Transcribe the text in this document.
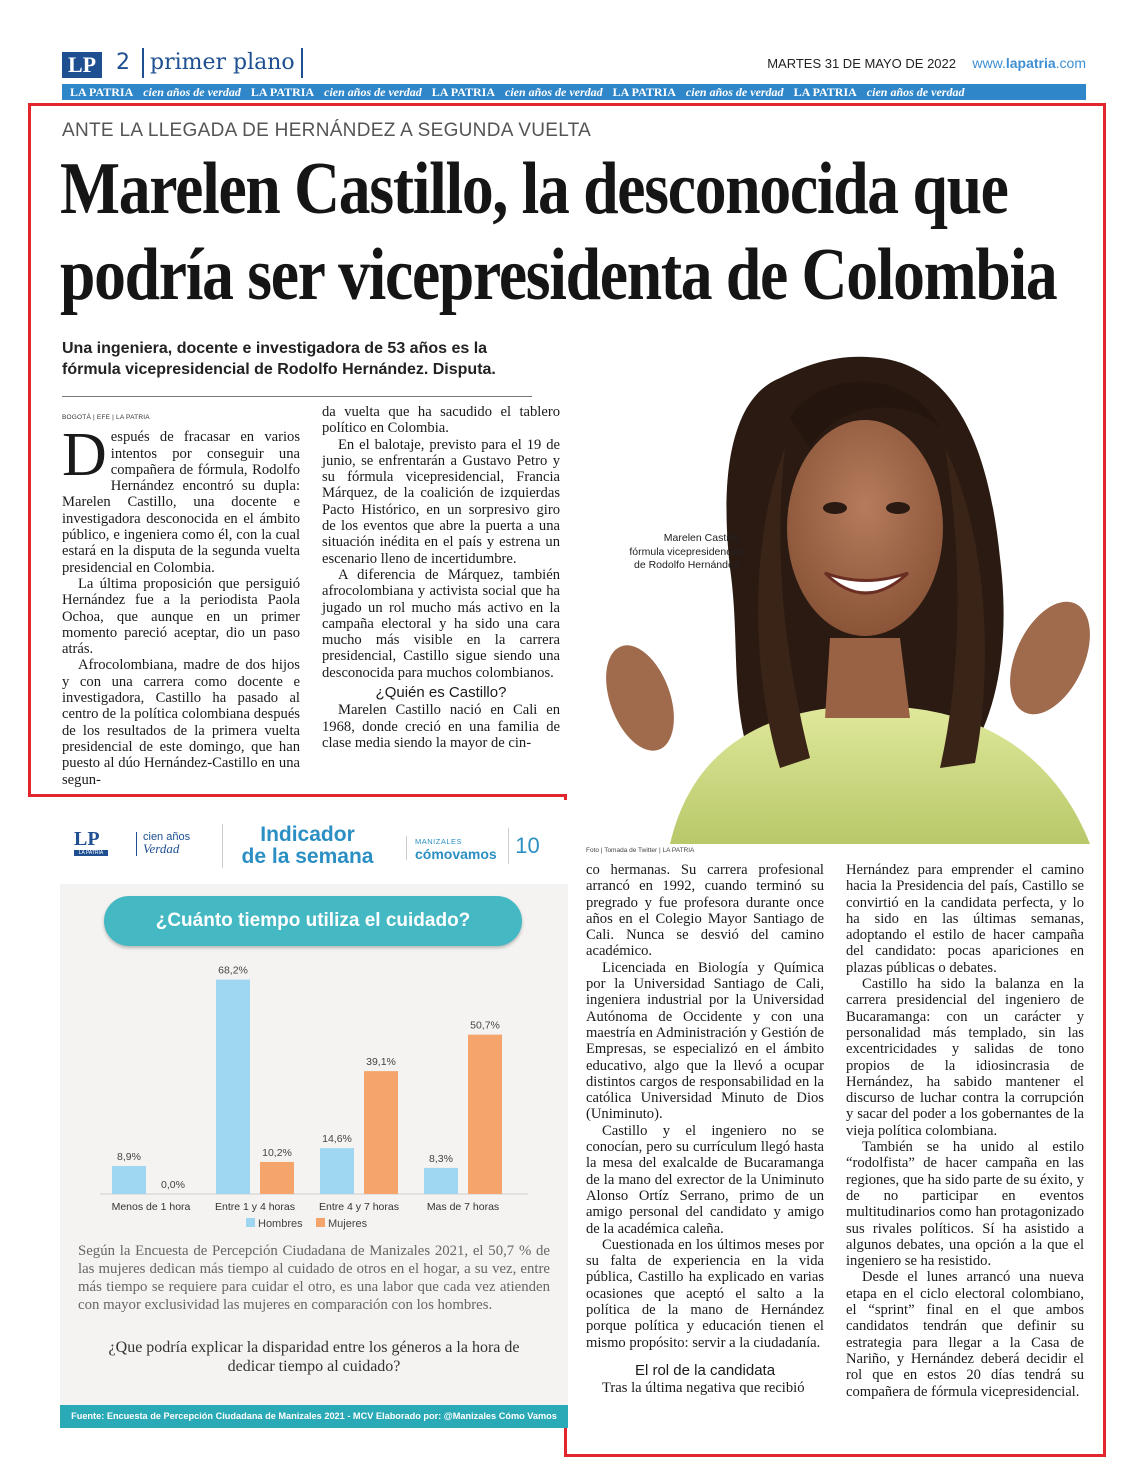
LP 2 primer plano	MARTES 31 DE MAYO DE 2022 www.lapatria.com
LA PATRIA cien años de verdad LA PATRIA cien años de verdad LA PATRIA cien años de verdad LA PATRIA cien años de verdad LA PATRIA cien años de verdad
ANTE LA LLEGADA DE HERNÁNDEZ A SEGUNDA VUELTA
Marelen Castillo, la desconocida que
podría ser vicepresidenta de Colombia
Una ingeniera, docente e investigadora de 53 años es la fórmula vicepresidencial de Rodolfo Hernández. Disputa.
Marelen Castillo, fórmula vicepresidencial de Rodolfo Hernández.
Foto | Tomada de Twitter | LA PATRIA

BOGOTÁ | EFE | LA PATRIA

Después de fracasar en varios intentos por conseguir una compañera de fórmula, Rodolfo Hernández encontró su dupla: Marelen Castillo, una docente e investigadora desconocida en el ámbito público, e ingeniera como él, con la cual estará en la disputa de la segunda vuelta presidencial en Colombia.

La última proposición que persiguió Hernández fue a la periodista Paola Ochoa, que aunque en un primer momento pareció aceptar, dio un paso atrás.

Afrocolombiana, madre de dos hijos y con una carrera como docente e investigadora, Castillo ha pasado al centro de la política colombiana después de los resultados de la primera vuelta presidencial de este domingo, que han puesto al dúo Hernández-Castillo en una segun-

da vuelta que ha sacudido el tablero político en Colombia.

En el balotaje, previsto para el 19 de junio, se enfrentarán a Gustavo Petro y su fórmula vicepresidencial, Francia Márquez, de la coalición de izquierdas Pacto Histórico, en un sorpresivo giro de los eventos que abre la puerta a una situación inédita en el país y estrena un escenario lleno de incertidumbre.

A diferencia de Márquez, también afrocolombiana y activista social que ha jugado un rol mucho más activo en la campaña electoral y ha sido una cara mucho más visible en la carrera presidencial, Castillo sigue siendo una desconocida para muchos colombianos.

¿Quién es Castillo?

Marelen Castillo nació en Cali en 1968, donde creció en una familia de clase media siendo la mayor de cin-

co hermanas. Su carrera profesional arrancó en 1992, cuando terminó su pregrado y fue profesora durante once años en el Colegio Mayor Santiago de Cali. Nunca se desvió del camino académico.

Licenciada en Biología y Química por la Universidad Santiago de Cali, ingeniera industrial por la Universidad Autónoma de Occidente y con una maestría en Administración y Gestión de Empresas, se especializó en el ámbito educativo, algo que la llevó a ocupar distintos cargos de responsabilidad en la católica Universidad Minuto de Dios (Uniminuto).

Castillo y el ingeniero no se conocían, pero su currículum llegó hasta la mesa del exalcalde de Bucaramanga de la mano del exrector de la Uniminuto Alonso Ortíz Serrano, primo de un amigo personal del candidato y amigo de la académica caleña.

Cuestionada en los últimos meses por su falta de experiencia en la vida pública, Castillo ha explicado en varias ocasiones que aceptó el salto a la política de la mano de Hernández porque política y educación tienen el mismo propósito: servir a la ciudadanía.

El rol de la candidata

Tras la última negativa que recibió

Hernández para emprender el camino hacia la Presidencia del país, Castillo se convirtió en la candidata perfecta, y lo ha sido en las últimas semanas, adoptando el estilo de hacer campaña del candidato: pocas apariciones en plazas públicas o debates.

Castillo ha sido la balanza en la carrera presidencial del ingeniero de Bucaramanga: con un carácter y personalidad más templado, sin las excentricidades y salidas de tono propios de la idiosincrasia de Hernández, ha sabido mantener el discurso de luchar contra la corrupción y sacar del poder a los gobernantes de la vieja política colombiana.

También se ha unido al estilo “rodolfista” de hacer campaña en las regiones, que ha sido parte de su éxito, y de no participar en eventos multitudinarios como han protagonizado sus rivales políticos. Sí ha asistido a algunos debates, una opción a la que el ingeniero se ha resistido.

Desde el lunes arrancó una nueva etapa en el ciclo electoral colombiano, el “sprint” final en el que ambos candidatos tendrán que definir su estrategia para llegar a la Casa de Nariño, y Hernández deberá decidir el rol que en estos 20 días tendrá su compañera de fórmula vicepresidencial.

LP
LA PATRIA
cien años
Verdad
Indicador
de la semana
MANIZALES
cómovamos 10
¿Cuánto tiempo utiliza el cuidado?
8,9%
0,0%
Menos de 1 hora
68,2%
10,2%
Entre 1 y 4 horas
14,6%
39,1%
Entre 4 y 7 horas
8,3%
50,7%
Mas de 7 horas
Hombres Mujeres
Según la Encuesta de Percepción Ciudadana de Manizales 2021, el 50,7 % de las mujeres dedican más tiempo al cuidado de otros en el hogar, a su vez, entre más tiempo se requiere para cuidar el otro, es una labor que cada vez atienden con mayor exclusividad las mujeres en comparación con los hombres.
¿Que podría explicar la disparidad entre los géneros a la hora de dedicar tiempo al cuidado?
Fuente: Encuesta de Percepción Ciudadana de Manizales 2021 - MCV Elaborado por: @Manizales Cómo Vamos
